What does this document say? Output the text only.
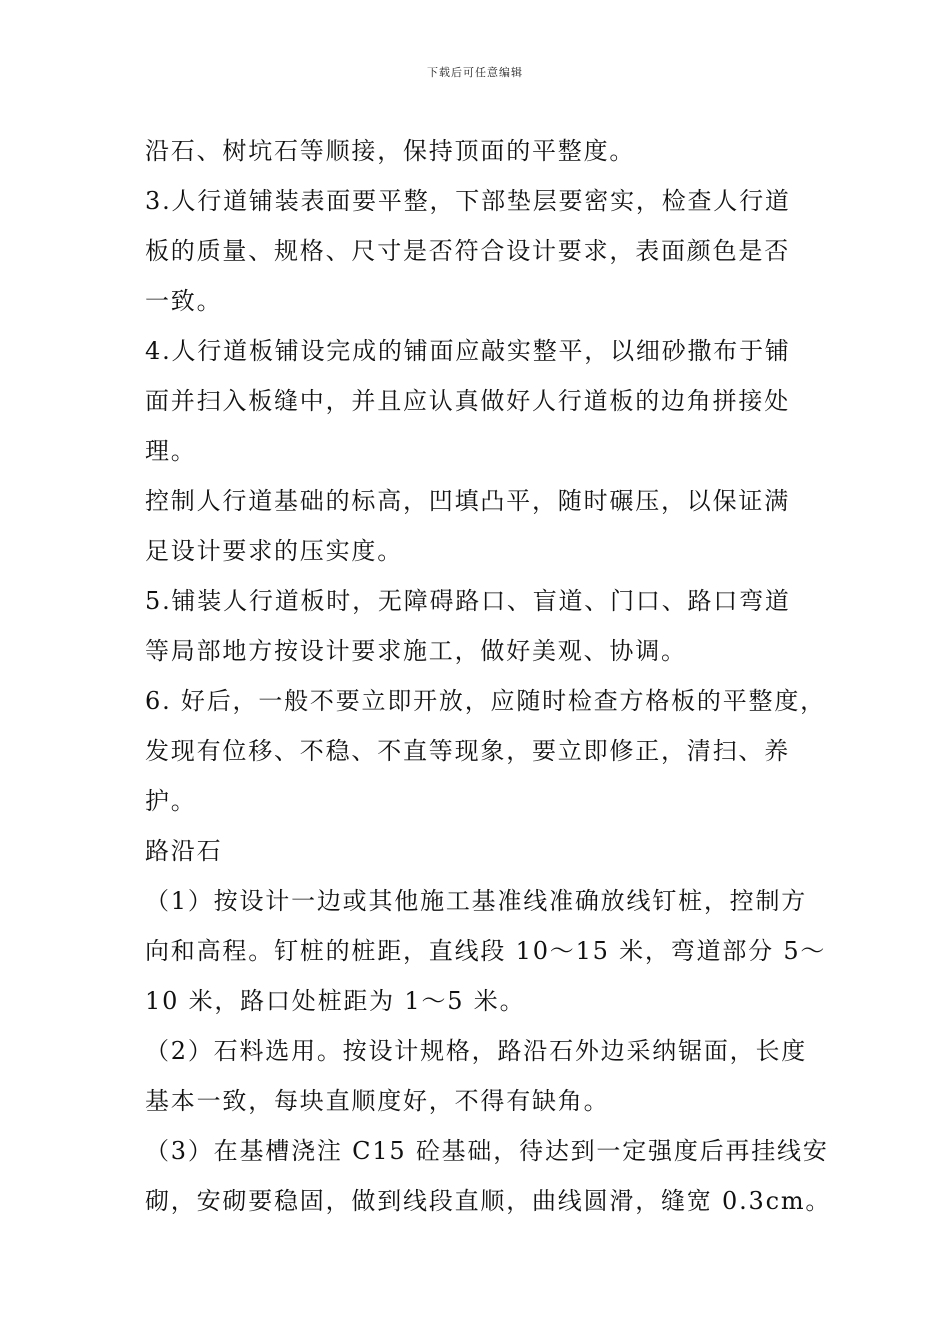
下载后可任意编辑
沿石、树坑石等顺接，保持顶面的平整度。
3.人行道铺装表面要平整，下部垫层要密实，检查人行道
板的质量、规格、尺寸是否符合设计要求，表面颜色是否
一致。
4.人行道板铺设完成的铺面应敲实整平，以细砂撒布于铺
面并扫入板缝中，并且应认真做好人行道板的边角拼接处
理。
控制人行道基础的标高，凹填凸平，随时碾压，以保证满
足设计要求的压实度。
5.铺装人行道板时，无障碍路口、盲道、门口、路口弯道
等局部地方按设计要求施工，做好美观、协调。
6. 好后，一般不要立即开放，应随时检查方格板的平整度，
发现有位移、不稳、不直等现象，要立即修正，清扫、养
护。
路沿石
（1）按设计一边或其他施工基准线准确放线钉桩，控制方
向和高程。钉桩的桩距，直线段 10～15 米，弯道部分 5～
10 米，路口处桩距为 1～5 米。
（2）石料选用。按设计规格，路沿石外边采纳锯面，长度
基本一致，每块直顺度好，不得有缺角。
（3）在基槽浇注 C15 砼基础，待达到一定强度后再挂线安
砌，安砌要稳固，做到线段直顺，曲线圆滑，缝宽 0.3cm。
